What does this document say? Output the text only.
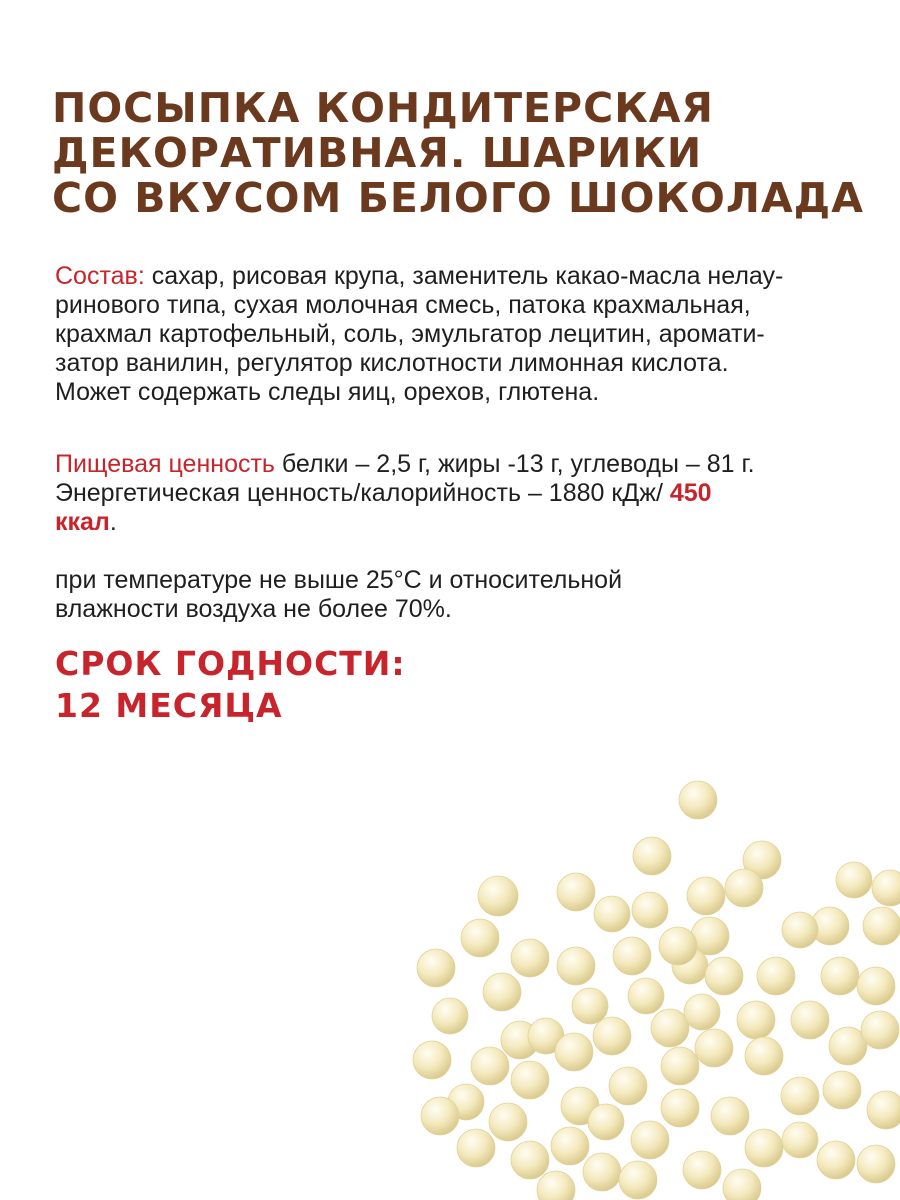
ПОСЫПКА КОНДИТЕРСКАЯ
ДЕКОРАТИВНАЯ. ШАРИКИ
СО ВКУСОМ БЕЛОГО ШОКОЛАДА

Состав: сахар, рисовая крупа, заменитель какао-масла нелау-
ринового типа, сухая молочная смесь, патока крахмальная,
крахмал картофельный, соль, эмульгатор лецитин, аромати-
затор ванилин, регулятор кислотности лимонная кислота.
Может содержать следы яиц, орехов, глютена.

Пищевая ценность белки – 2,5 г, жиры -13 г, углеводы – 81 г.
Энергетическая ценность/калорийность – 1880 кДж/ 450
ккал.

при температуре не выше 25°C и относительной
влажности воздуха не более 70%.

СРОК ГОДНОСТИ:
12 МЕСЯЦА
